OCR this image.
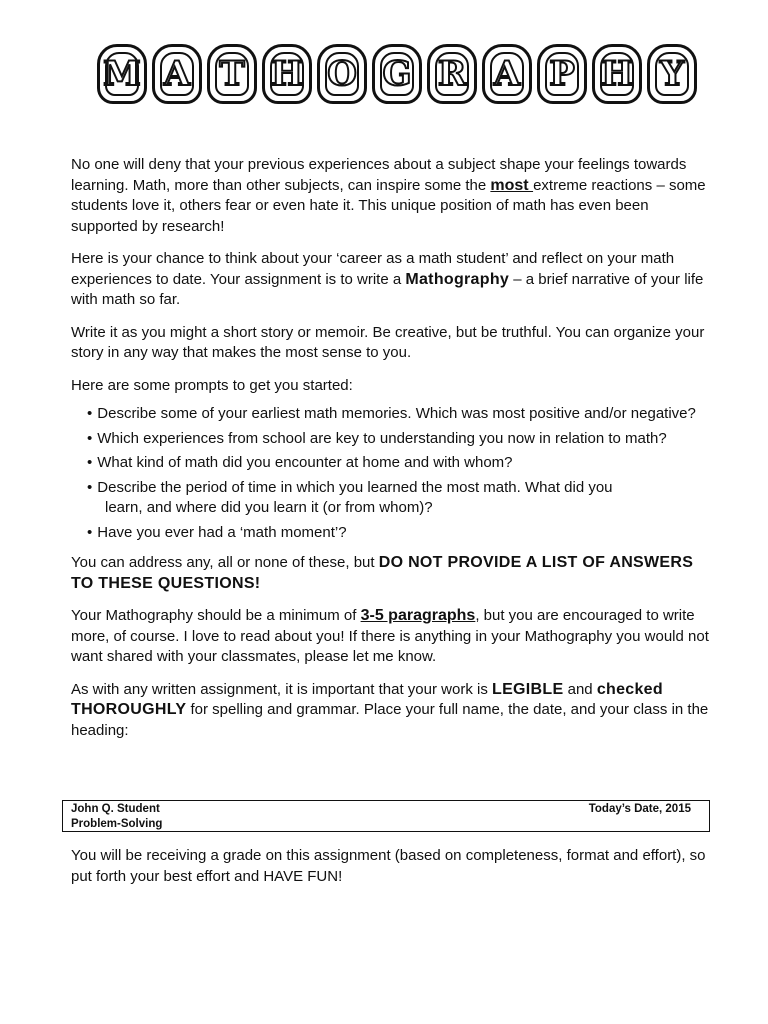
M A T H O G R A P H Y

No one will deny that your previous experiences about a subject shape your feelings towards learning. Math, more than other subjects, can inspire some the most extreme reactions – some students love it, others fear or even hate it. This unique position of math has even been supported by research!

Here is your chance to think about your ‘career as a math student’ and reflect on your math experiences to date. Your assignment is to write a Mathography – a brief narrative of your life with math so far.

Write it as you might a short story or memoir. Be creative, but be truthful. You can organize your story in any way that makes the most sense to you.

Here are some prompts to get you started:

• Describe some of your earliest math memories. Which was most positive and/or negative?
• Which experiences from school are key to understanding you now in relation to math?
• What kind of math did you encounter at home and with whom?
• Describe the period of time in which you learned the most math. What did you
learn, and where did you learn it (or from whom)?
• Have you ever had a ‘math moment’?

You can address any, all or none of these, but DO NOT PROVIDE A LIST OF ANSWERS TO THESE QUESTIONS!

Your Mathography should be a minimum of 3-5 paragraphs, but you are encouraged to write more, of course. I love to read about you! If there is anything in your Mathography you would not want shared with your classmates, please let me know.

As with any written assignment, it is important that your work is LEGIBLE and checked THOROUGHLY for spelling and grammar. Place your full name, the date, and your class in the heading:

John Q. Student
Problem-Solving
Today’s Date, 2015

You will be receiving a grade on this assignment (based on completeness, format and effort), so put forth your best effort and HAVE FUN!
